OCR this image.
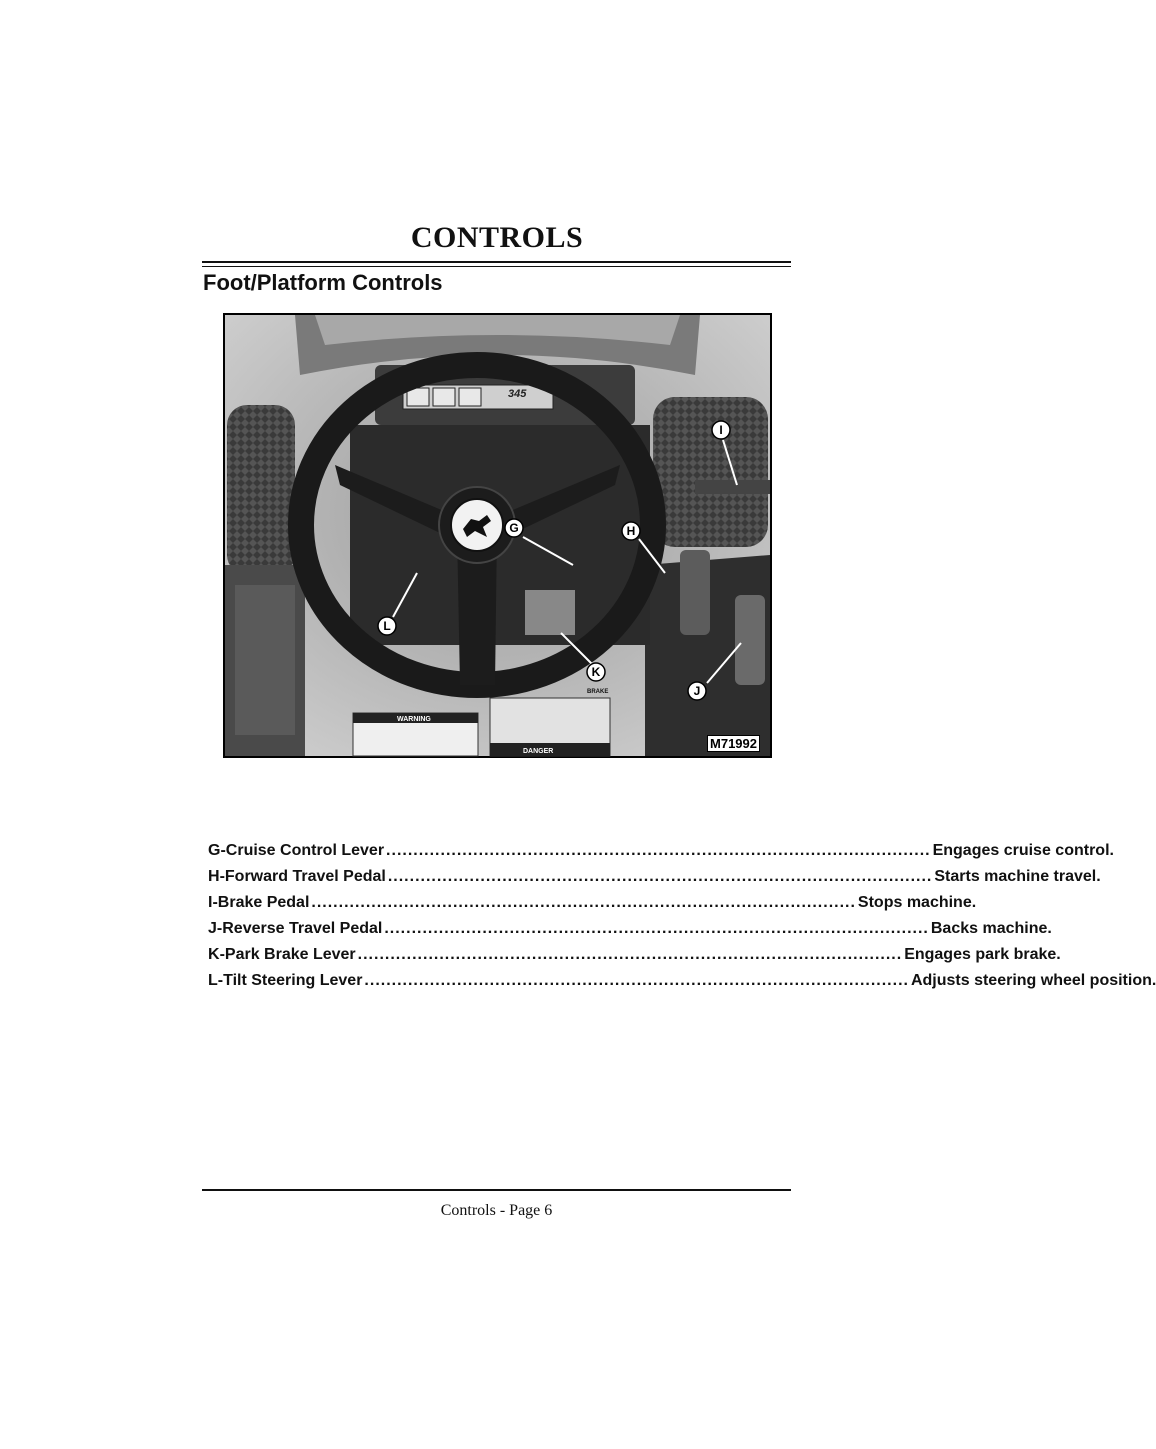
CONTROLS
Foot/Platform Controls
345
WARNING
DANGER
BRAKE
G	H
I
J
K
L
M71992
G - Cruise Control Lever .................................................................................................... Engages cruise control.
H - Forward Travel Pedal .................................................................................................... Starts machine travel.
I - Brake Pedal .................................................................................................... Stops machine.
J - Reverse Travel Pedal .................................................................................................... Backs machine.
K - Park Brake Lever .................................................................................................... Engages park brake.
L - Tilt Steering Lever .................................................................................................... Adjusts steering wheel position.
Controls - Page 6
